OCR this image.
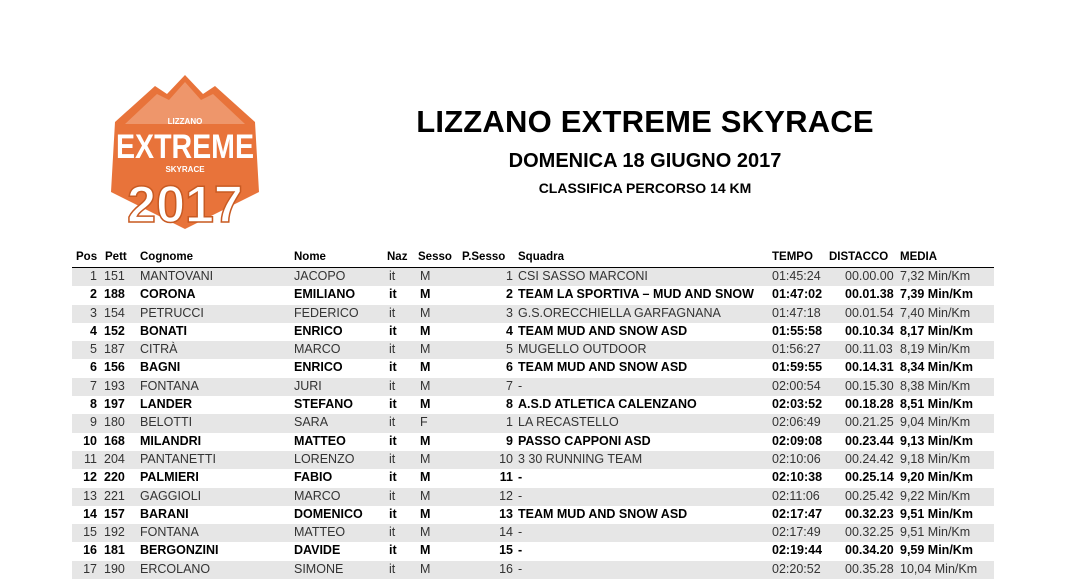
LIZZANO
EXTREME
SKYRACE
2017
LIZZANO EXTREME SKYRACE
DOMENICA 18 GIUGNO 2017
CLASSIFICA PERCORSO 14 KM
Pos Pett Cognome	Nome	Naz Sesso P.Sesso Squadra	TEMPO DISTACCO MEDIA
1 151 MANTOVANI	JACOPO	it M	1 CSI SASSO MARCONI	01:45:24 00.00.00 7,32 Min/Km
2 188 CORONA	EMILIANO	it M	2 TEAM LA SPORTIVA – MUD AND SNOW 01:47:02 00.01.38 7,39 Min/Km
3 154 PETRUCCI	FEDERICO it M	3 G.S.ORECCHIELLA GARFAGNANA	01:47:18 00.01.54 7,40 Min/Km
4 152 BONATI	ENRICO	it M	4 TEAM MUD AND SNOW ASD	01:55:58 00.10.34 8,17 Min/Km
5 187 CITRÀ	MARCO	it M	5 MUGELLO OUTDOOR	01:56:27 00.11.03 8,19 Min/Km
6 156 BAGNI	ENRICO	it M	6 TEAM MUD AND SNOW ASD	01:59:55 00.14.31 8,34 Min/Km
7 193 FONTANA	JURI	it M	7 -	02:00:54 00.15.30 8,38 Min/Km
8 197 LANDER	STEFANO	it M	8 A.S.D ATLETICA CALENZANO	02:03:52 00.18.28 8,51 Min/Km
9 180 BELOTTI	SARA	it F	1 LA RECASTELLO	02:06:49 00.21.25 9,04 Min/Km
10 168 MILANDRI	MATTEO	it M	9 PASSO CAPPONI ASD	02:09:08 00.23.44 9,13 Min/Km
11 204 PANTANETTI	LORENZO	it M	10 3 30 RUNNING TEAM	02:10:06 00.24.42 9,18 Min/Km
12 220 PALMIERI	FABIO	it M	11 -	02:10:38 00.25.14 9,20 Min/Km
13 221 GAGGIOLI	MARCO	it M	12 -	02:11:06 00.25.42 9,22 Min/Km
14 157 BARANI	DOMENICO it M	13 TEAM MUD AND SNOW ASD	02:17:47 00.32.23 9,51 Min/Km
15 192 FONTANA	MATTEO	it M	14 -	02:17:49 00.32.25 9,51 Min/Km
16 181 BERGONZINI	DAVIDE	it M	15 -	02:19:44 00.34.20 9,59 Min/Km
17 190 ERCOLANO	SIMONE	it M	16 -	02:20:52 00.35.28 10,04 Min/Km
